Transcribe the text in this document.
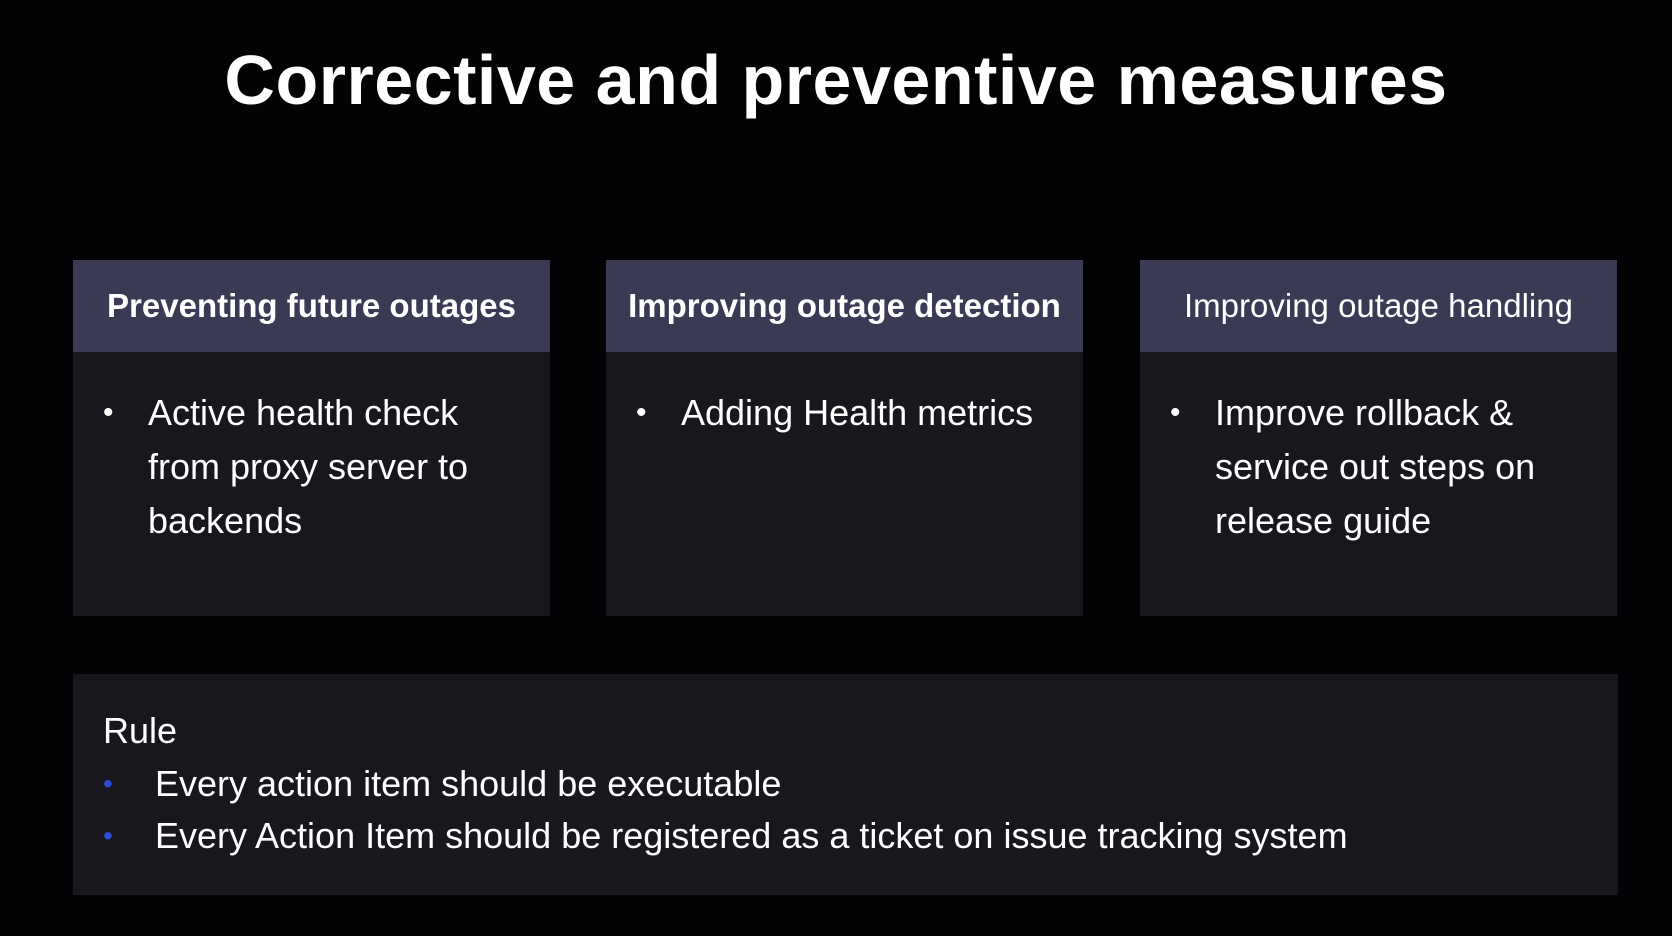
Corrective and preventive measures
Preventing future outages
• Active health check from proxy server to backends
Improving outage detection
• Adding Health metrics
Improving outage handling
• Improve rollback & service out steps on release guide
Rule
•	Every action item should be executable
•	Every Action Item should be registered as a ticket on issue tracking system
